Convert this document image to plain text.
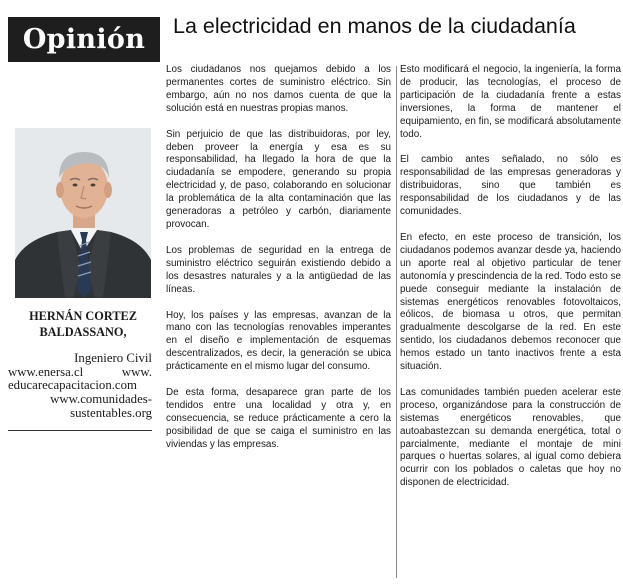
Opinión	La electricidad en manos de la ciudadanía
HERNÁN CORTEZ
BALDASSANO,
Ingeniero Civil
www.enersa.cl	www.
educarecapacitacion.com
www.comunidades-
sustentables.org

Los ciudadanos nos quejamos debido a los permanentes cortes de suministro eléctrico. Sin embargo, aún no nos damos cuenta de que la solución está en nuestras propias manos.

Sin perjuicio de que las distribuidoras, por ley, deben proveer la energía y esa es su responsabilidad, ha llegado la hora de que la ciudadanía se empodere, generando su propia electricidad y, de paso, colaborando en solucionar la problemática de la alta contaminación que las generadoras a petróleo y carbón, diariamente provocan.

Los problemas de seguridad en la entrega de suministro eléctrico seguirán existiendo debido a los desastres naturales y a la antigüedad de las líneas.

Hoy, los países y las empresas, avanzan de la mano con las tecnologías renovables imperantes en el diseño e implementación de esquemas descentralizados, es decir, la generación se ubica prácticamente en el mismo lugar del consumo.

De esta forma, desaparece gran parte de los tendidos entre una localidad y otra y, en consecuencia, se reduce prácticamente a cero la posibilidad de que se caiga el suministro en las viviendas y las empresas.

Esto modificará el negocio, la ingeniería, la forma de producir, las tecnologías, el proceso de participación de la ciudadanía frente a estas inversiones, la forma de mantener el equipamiento, en fin, se modificará absolutamente todo.

El cambio antes señalado, no sólo es responsabilidad de las empresas generadoras y distribuidoras, sino que también es responsabilidad de los ciudadanos y de las comunidades.

En efecto, en este proceso de transición, los ciudadanos podemos avanzar desde ya, haciendo un aporte real al objetivo particular de tener autonomía y prescindencia de la red. Todo esto se puede conseguir mediante la instalación de sistemas energéticos renovables fotovoltaicos, eólicos, de biomasa u otros, que permitan gradualmente descolgarse de la red. En este sentido, los ciudadanos debemos reconocer que hemos estado un tanto inactivos frente a esta situación.

Las comunidades también pueden acelerar este proceso, organizándose para la construcción de sistemas energéticos renovables, que autoabastezcan su demanda energética, total o parcialmente, mediante el montaje de mini parques o huertas solares, al igual como debiera ocurrir con los poblados o caletas que hoy no disponen de electricidad.
